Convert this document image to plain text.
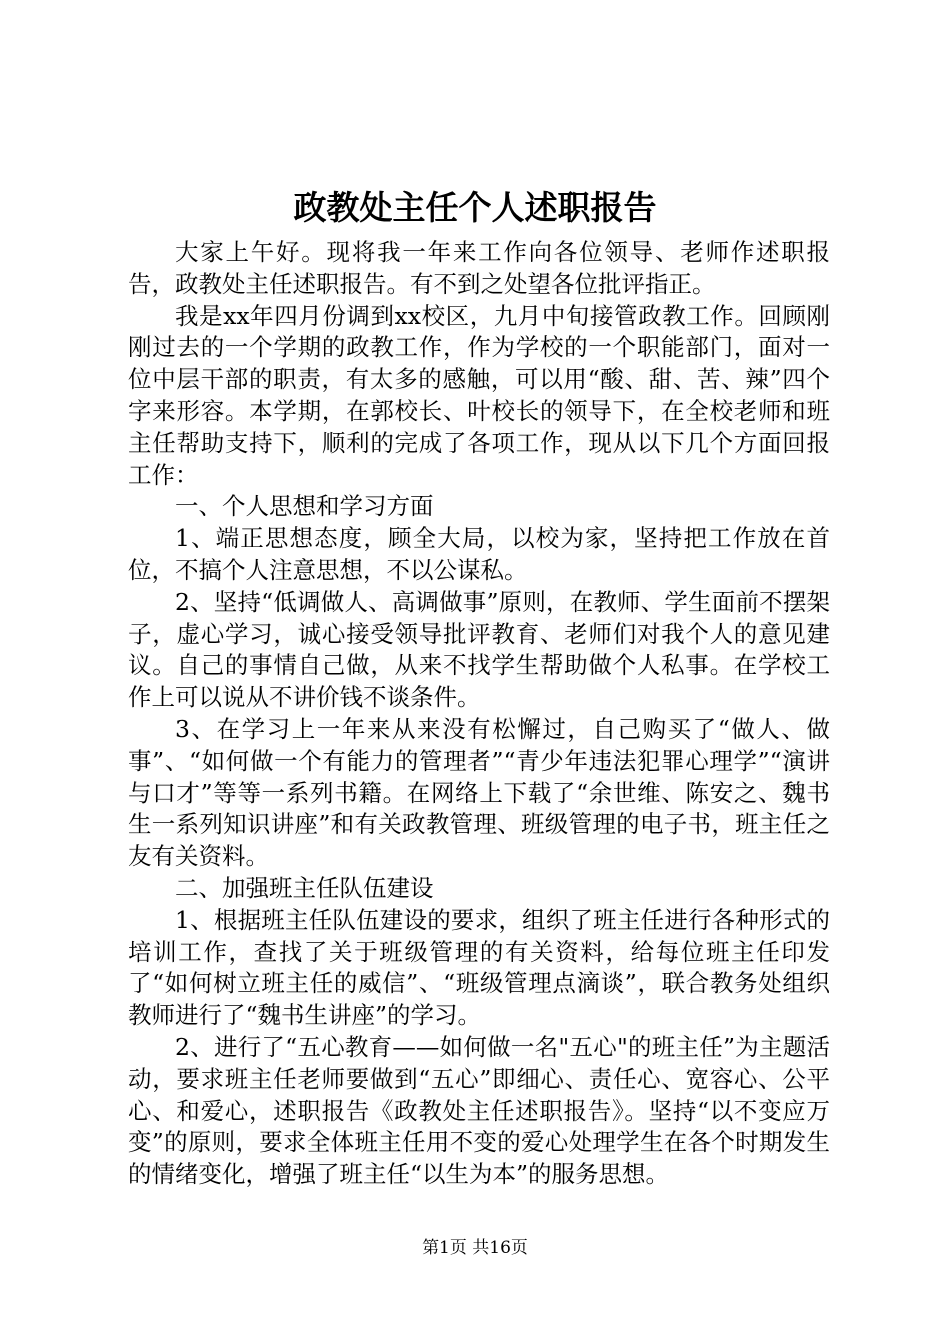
政教处主任个人述职报告

大家上午好。现将我一年来工作向各位领导、老师作述职报告，政教处主任述职报告。有不到之处望各位批评指正。

我是xx年四月份调到xx校区，九月中旬接管政教工作。回顾刚刚过去的一个学期的政教工作，作为学校的一个职能部门，面对一位中层干部的职责，有太多的感触，可以用“酸、甜、苦、辣”四个字来形容。本学期，在郭校长、叶校长的领导下，在全校老师和班主任帮助支持下，顺利的完成了各项工作，现从以下几个方面回报工作：

一、个人思想和学习方面

1、端正思想态度，顾全大局，以校为家，坚持把工作放在首位，不搞个人注意思想，不以公谋私。

2、坚持“低调做人、高调做事”原则，在教师、学生面前不摆架子，虚心学习，诚心接受领导批评教育、老师们对我个人的意见建议。自己的事情自己做，从来不找学生帮助做个人私事。在学校工作上可以说从不讲价钱不谈条件。

3、在学习上一年来从来没有松懈过，自己购买了“做人、做事”、“如何做一个有能力的管理者”“青少年违法犯罪心理学”“演讲与口才”等等一系列书籍。在网络上下载了“余世维、陈安之、魏书生一系列知识讲座”和有关政教管理、班级管理的电子书，班主任之友有关资料。

二、加强班主任队伍建设

1、根据班主任队伍建设的要求，组织了班主任进行各种形式的培训工作，查找了关于班级管理的有关资料，给每位班主任印发了“如何树立班主任的威信”、“班级管理点滴谈”，联合教务处组织教师进行了“魏书生讲座”的学习。

2、进行了“五心教育——如何做一名"五心"的班主任”为主题活动，要求班主任老师要做到“五心”即细心、责任心、宽容心、公平心、和爱心，述职报告《政教处主任述职报告》。坚持“以不变应万变”的原则，要求全体班主任用不变的爱心处理学生在各个时期发生的情绪变化，增强了班主任“以生为本”的服务思想。

第1页 共16页
